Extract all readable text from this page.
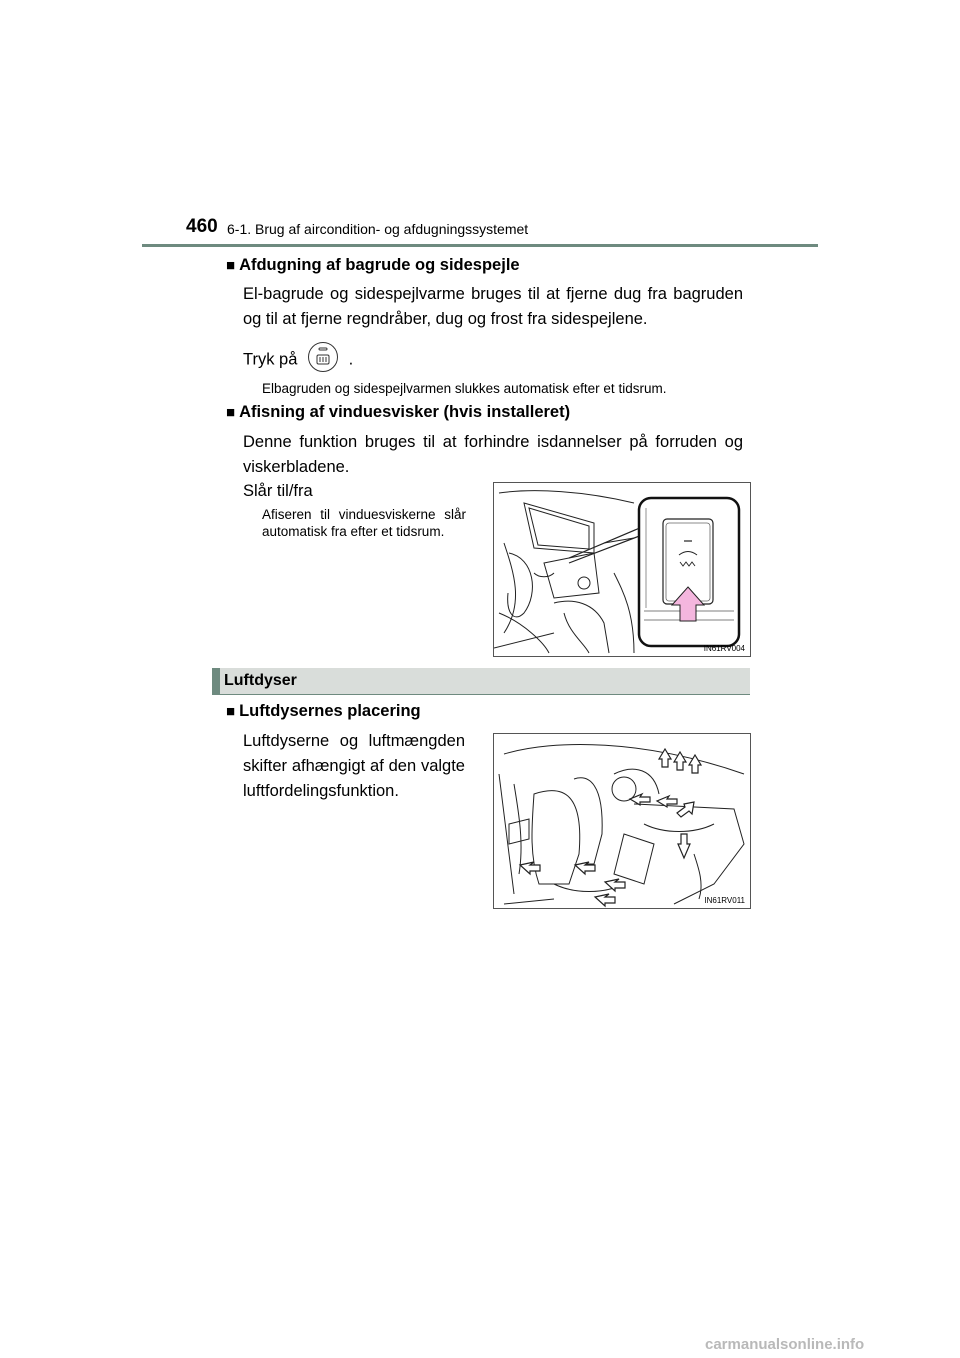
460 6-1. Brug af aircondition- og afdugningssystemet
■ Afdugning af bagrude og sidespejle
El-bagrude og sidespejlvarme bruges til at fjerne dug fra bagruden og til at fjerne regndråber, dug og frost fra sidespejlene.
Tryk på	.
Elbagruden og sidespejlvarmen slukkes automatisk efter et tidsrum.
■ Afisning af vinduesvisker (hvis installeret)
Denne funktion bruges til at forhindre isdannelser på forruden og viskerbladene.
Slår til/fra
Afiseren til vinduesviskerne slår automatisk fra efter et tidsrum.
IN61RV004
Luftdyser
■ Luftdysernes placering
Luftdyserne og luftmængden skifter afhængigt af den valgte luftfordelingsfunktion.
IN61RV011
carmanualsonline.info
